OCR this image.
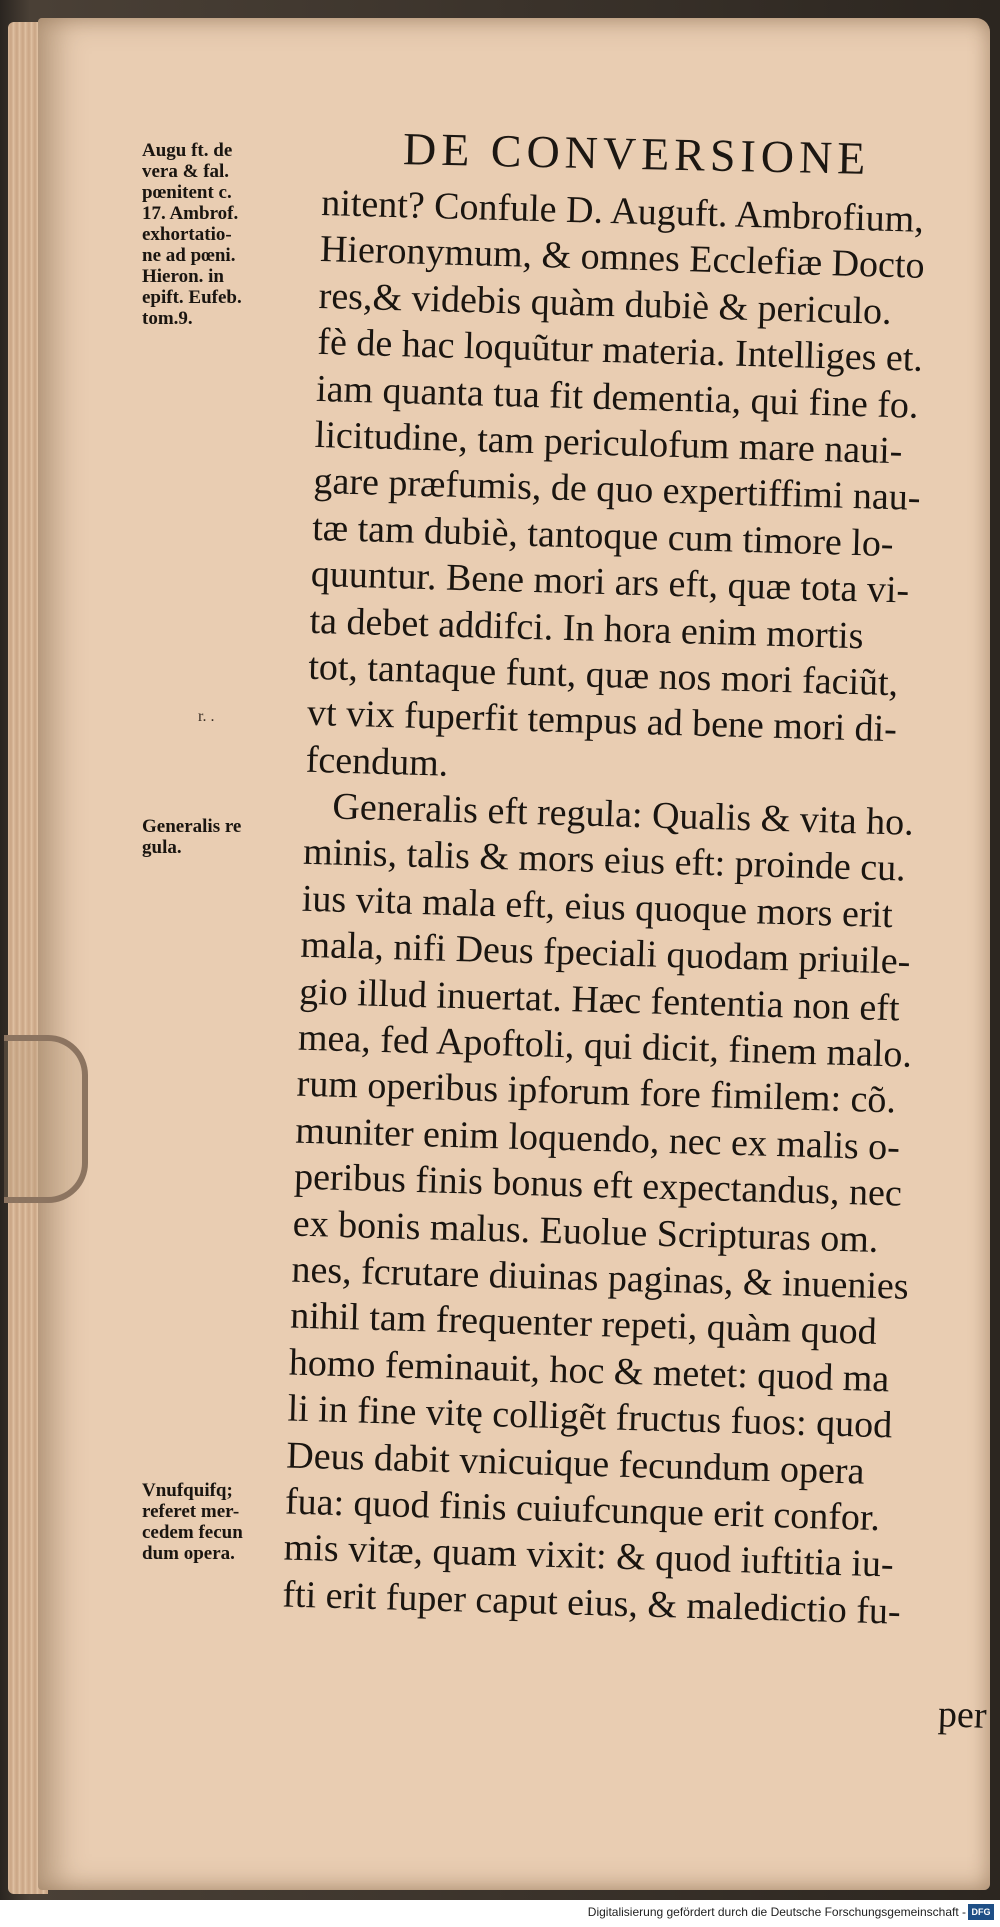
DE CONVERSIONE
Augu ft. de
vera & fal.
pœnitent c.
17. Ambrof.
exhortatio-
ne ad pœni.
Hieron. in
epift. Eufeb.
tom.9.
r. .
Generalis re
gula.
Vnufquifq;
referet mer-
cedem fecun
dum opera.
nitent? Confule D. Auguft. Ambrofium,
Hieronymum, & omnes Ecclefiæ Docto
res,& videbis quàm dubiè & periculo.
fè de hac loquũtur materia. Intelliges et.
iam quanta tua fit dementia, qui fine fo.
licitudine, tam periculofum mare naui-
gare præfumis, de quo expertiffimi nau-
tæ tam dubiè, tantoque cum timore lo-
quuntur. Bene mori ars eft, quæ tota vi-
ta debet addifci. In hora enim mortis
tot, tantaque funt, quæ nos mori faciũt,
vt vix fuperfit tempus ad bene mori di-
fcendum.
Generalis eft regula: Qualis & vita ho.
minis, talis & mors eius eft: proinde cu.
ius vita mala eft, eius quoque mors erit
mala, nifi Deus fpeciali quodam priuile-
gio illud inuertat. Hæc fententia non eft
mea, fed Apoftoli, qui dicit, finem malo.
rum operibus ipforum fore fimilem: cõ.
muniter enim loquendo, nec ex malis o-
peribus finis bonus eft expectandus, nec
ex bonis malus. Euolue Scripturas om.
nes, fcrutare diuinas paginas, & inuenies
nihil tam frequenter repeti, quàm quod
homo feminauit, hoc & metet: quod ma
li in fine vitę colligẽt fructus fuos: quod
Deus dabit vnicuique fecundum opera
fua: quod finis cuiufcunque erit confor.
mis vitæ, quam vixit: & quod iuftitia iu-
fti erit fuper caput eius, & maledictio fu-
per
Digitalisierung gefördert durch die Deutsche Forschungsgemeinschaft - DFG
